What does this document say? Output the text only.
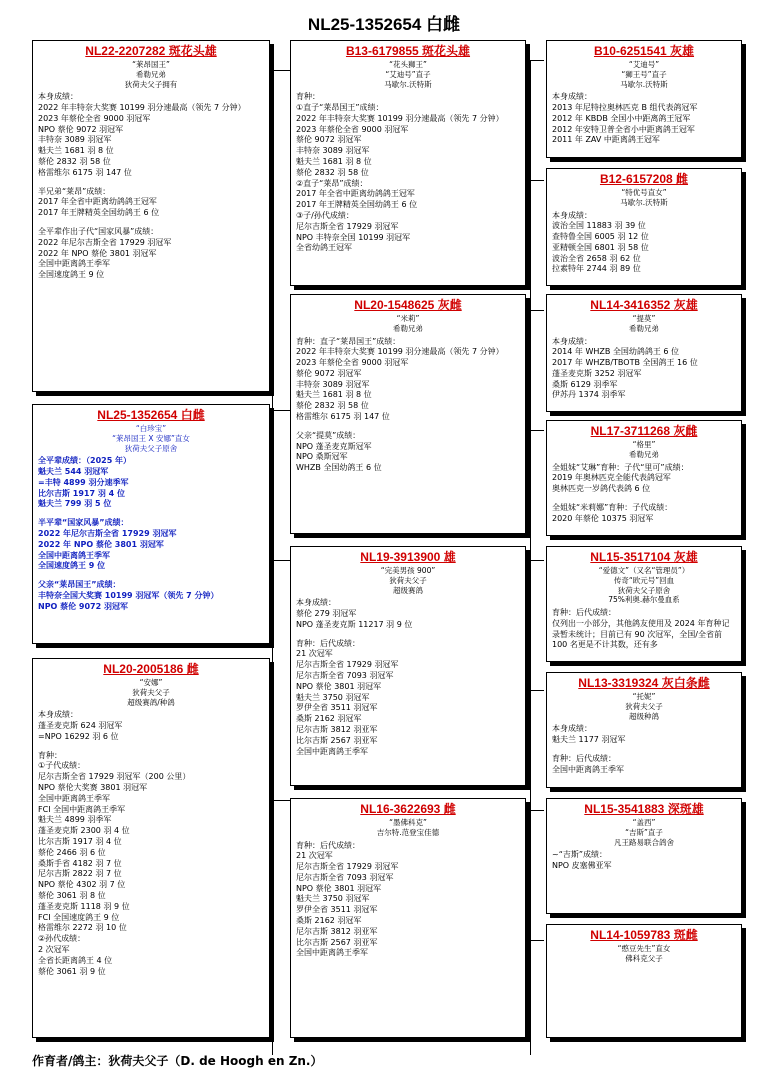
NL25-1352654 白雌
NL22-2207282 斑花头雄
“莱昂国王”
希勒兄弟
狄荷夫父子拥有
本身成绩：
2022 年丰特奈大奖赛 10199 羽分速最高（领先 7 分钟）
2023 年蔡伦全省 9000 羽冠军
NPO 蔡伦 9072 羽冠军
丰特奈 3089 羽冠军
魁夫兰 1681 羽 8 位
蔡伦 2832 羽 58 位
格雷维尔 6175 羽 147 位
半兄弟“莱昂”成绩：
2017 年全省中距离幼鸽鸽王冠军
2017 年王牌精英全国幼鸽王 6 位
全平辈作出子代“国家风暴”成绩：
2022 年尼尔吉斯全省 17929 羽冠军
2022 年 NPO 蔡伦 3801 羽冠军
全国中距离鸽王季军
全国速度鸽王 9 位
NL25-1352654 白雌
“白珍宝”
“莱昂国王 X 安娜”直女
狄荷夫父子原舍
全平辈成绩：（2025 年）
魁夫兰 544 羽冠军
=丰特 4899 羽分速季军
比尔吉斯 1917 羽 4 位
魁夫兰 799 羽 5 位
半平辈“国家风暴”成绩：
2022 年尼尔吉斯全省 17929 羽冠军
2022 年 NPO 蔡伦 3801 羽冠军
全国中距离鸽王季军
全国速度鸽王 9 位
父亲“莱昂国王”成绩：
丰特奈全国大奖赛 10199 羽冠军（领先 7 分钟）
NPO 蔡伦 9072 羽冠军
NL20-2005186 雌
“安娜”
狄荷夫父子
超级赛鸽/种鸽
本身成绩：
蓬圣麦克斯 624 羽冠军
=NPO 16292 羽 6 位
育种：
①子代成绩：
尼尔吉斯全省 17929 羽冠军（200 公里）
NPO 蔡伦大奖赛 3801 羽冠军
全国中距离鸽王季军
FCI 全国中距离鸽王季军
魁夫兰 4899 羽季军
蓬圣麦克斯 2300 羽 4 位
比尔吉斯 1917 羽 4 位
蔡伦 2466 羽 6 位
桑斯手省 4182 羽 7 位
尼尔吉斯 2822 羽 7 位
NPO 蔡伦 4302 羽 7 位
蔡伦 3061 羽 8 位
蓬圣麦克斯 1118 羽 9 位
FCI 全国速度鸽王 9 位
格雷维尔 2272 羽 10 位
②孙代成绩：
2 次冠军
全省长距离鸽王 4 位
蔡伦 3061 羽 9 位
B13-6179855 斑花头雄
“花头狮王”
“艾迪号”直子
马歇尔.沃特斯
育种：
①直子“莱昂国王”成绩：
2022 年丰特奈大奖赛 10199 羽分速最高（领先 7 分钟）
2023 年蔡伦全省 9000 羽冠军
蔡伦 9072 羽冠军
丰特奈 3089 羽冠军
魁夫兰 1681 羽 8 位
蔡伦 2832 羽 58 位
②直子“莱昂”成绩：
2017 年全省中距离幼鸽鸽王冠军
2017 年王牌精英全国幼鸽王 6 位
③子/孙代成绩：
尼尔吉斯全省 17929 羽冠军
NPO 丰特奈全国 10199 羽冠军
全省幼鸽王冠军
NL20-1548625 灰雌
“米莉”
希勒兄弟
育种：直子“莱昂国王”成绩：
2022 年丰特奈大奖赛 10199 羽分速最高（领先 7 分钟）
2023 年蔡伦全省 9000 羽冠军
蔡伦 9072 羽冠军
丰特奈 3089 羽冠军
魁夫兰 1681 羽 8 位
蔡伦 2832 羽 58 位
格雷维尔 6175 羽 147 位
父亲“提莫”成绩：
NPO 蓬圣麦克斯冠军
NPO 桑斯冠军
WHZB 全国幼鸽王 6 位
NL19-3913900 雄
“完美男孩 900”
狄荷夫父子
超级赛鸽
本身成绩：
蔡伦 279 羽冠军
NPO 蓬圣麦克斯 11217 羽 9 位
育种：后代成绩：
21 次冠军
尼尔吉斯全省 17929 羽冠军
尼尔吉斯全省 7093 羽冠军
NPO 蔡伦 3801 羽冠军
魁夫兰 3750 羽冠军
罗伊全省 3511 羽冠军
桑斯 2162 羽冠军
尼尔吉斯 3812 羽亚军
比尔吉斯 2567 羽亚军
全国中距离鸽王季军
NL16-3622693 雌
“墨佛科克”
吉尔特.范登宝佳德
育种：后代成绩：
21 次冠军
尼尔吉斯全省 17929 羽冠军
尼尔吉斯全省 7093 羽冠军
NPO 蔡伦 3801 羽冠军
魁夫兰 3750 羽冠军
罗伊全省 3511 羽冠军
桑斯 2162 羽冠军
尼尔吉斯 3812 羽亚军
比尔吉斯 2567 羽亚军
全国中距离鸽王季军
B10-6251541 灰雄
“艾迪号”
“狮王号”直子
马歇尔.沃特斯
本身成绩：
2013 年尼特拉奥林匹克 B 组代表鸽冠军
2012 年 KBDB 全国小中距离鸽王冠军
2012 年安特卫普全省小中距离鸽王冠军
2011 年 ZAV 中距离鸽王冠军
B12-6157208 雌
“特优号直女”
马歇尔.沃特斯
本身成绩：
波治全国 11883 羽 39 位
查特鲁全国 6005 羽 12 位
亚精顿全国 6801 羽 58 位
波治全省 2658 羽 62 位
拉素特年 2744 羽 89 位
NL14-3416352 灰雄
“提莫”
希勒兄弟
本身成绩：
2014 年 WHZB 全国幼鸽鸽王 6 位
2017 年 WHZB/TBOTB 全国鸽王 16 位
蓬圣麦克斯 3252 羽冠军
桑斯 6129 羽季军
伊苏丹 1374 羽季军
NL17-3711268 灰雌
“格里”
希勒兄弟
全姐妹“艾琳”育种：子代“里可”成绩：
2019 年奥林匹克全能代表鸽冠军
奥林匹克一岁鸽代表鸽 6 位
全姐妹“米莉娜”育种：子代成绩：
2020 年蔡伦 10375 羽冠军
NL15-3517104 灰雄
“爱德文”（又名“管理员”）
传奇“欧元号”回血
狄荷夫父子原舍
75%利奥.赫尔曼血系
育种：后代成绩：
仅列出一小部分，其他鸽友使用及 2024 年育种记录暂未统计；目前已有 90 次冠军，全国/全省前 100 名更是不计其数，还有多
NL13-3319324 灰白条雌
“托妮”
狄荷夫父子
超级种鸽
本身成绩：
魁夫兰 1177 羽冠军
育种：后代成绩：
全国中距离鸽王季军
NL15-3541883 深斑雄
“盖西”
“吉斯”直子
凡王路易联合鸽舍
~“吉斯”成绩：
NPO 皮塞佛亚军
NL14-1059783 斑雌
“憨豆先生”直女
佛科克父子
作育者/鸽主：狄荷夫父子（D. de Hoogh en Zn.）
